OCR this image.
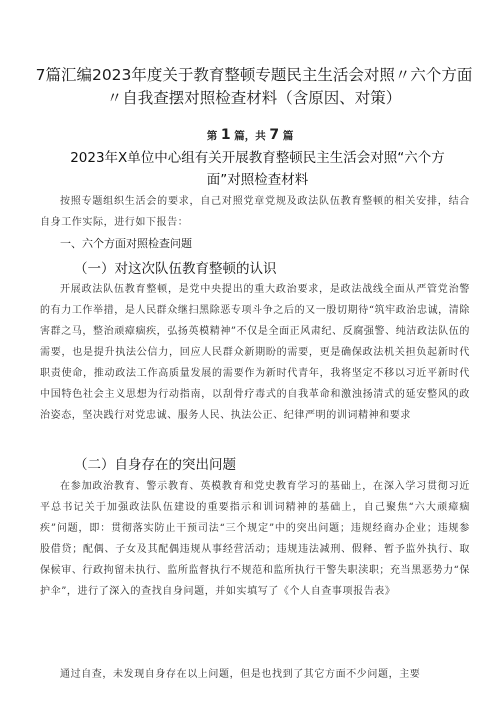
7篇汇编2023年度关于教育整顿专题民主生活会对照〃六个方面〃自我查摆对照检查材料（含原因、对策）
第 1 篇，共 7 篇
2023年X单位中心组有关开展教育整顿民主生活会对照“六个方面”对照检查材料
按照专题组织生活会的要求，自己对照党章党规及政法队伍教育整顿的相关安排，结合自身工作实际，进行如下报告：
一、六个方面对照检查问题
（一）对这次队伍教育整顿的认识
开展政法队伍教育整顿，是党中央提出的重大政治要求，是政法战线全面从严管党治警的有力工作举措，是人民群众继扫黑除恶专项斗争之后的又一殷切期待“筑牢政治忠诚，清除害群之马，整治顽瘴痼疾，弘扬英模精神”不仅是全面正风肃纪、反腐强警、纯洁政法队伍的需要，也是提升执法公信力，回应人民群众新期盼的需要，更是确保政法机关担负起新时代职责使命，推动政法工作高质量发展的需要作为新时代青年，我将坚定不移以习近平新时代中国特色社会主义思想为行动指南，以刮骨疗毒式的自我革命和激浊扬清式的延安整风的政治姿态，坚决践行对党忠诚、服务人民、执法公正、纪律严明的训词精神和要求
（二）自身存在的突出问题
在参加政治教育、警示教育、英模教育和党史教育学习的基础上，在深入学习贯彻习近平总书记关于加强政法队伍建设的重要指示和训词精神的基础上，自己聚焦“六大顽瘴痼疾”问题，即：贯彻落实防止干预司法“三个规定”中的突出问题；违规经商办企业；违规参股借贷；配偶、子女及其配偶违规从事经营活动；违规违法减刑、假释、暂予监外执行、取保候审、行政拘留未执行、监所监督执行不规范和监所执行干警失职渎职；充当黑恶势力“保护伞”，进行了深入的查找自身问题，并如实填写了《个人自查事项报告表》
通过自查，未发现自身存在以上问题，但是也找到了其它方面不少问题，主要
